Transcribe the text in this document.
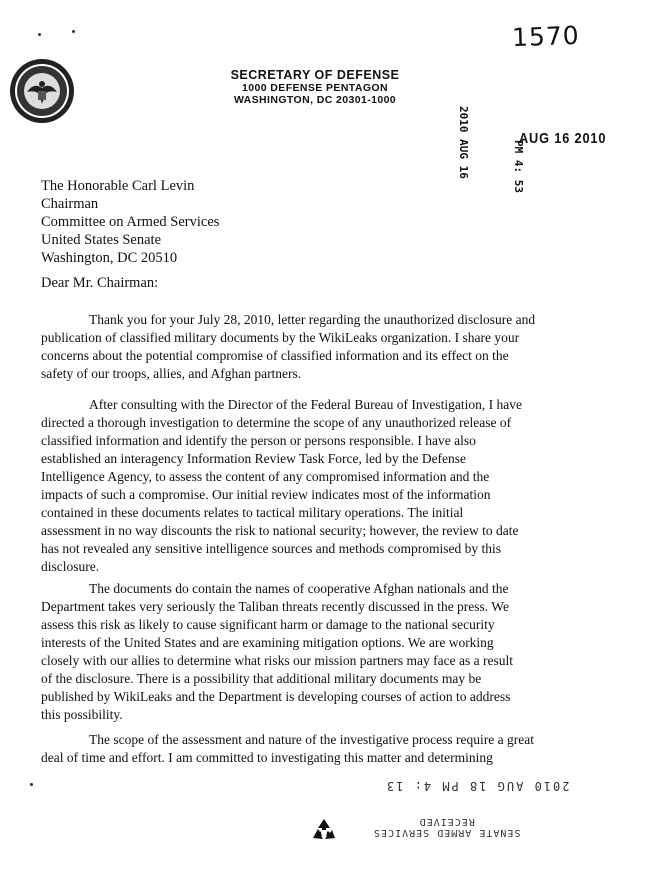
SECRETARY OF DEFENSE
1000 DEFENSE PENTAGON
WASHINGTON, DC 20301-1000
1570
2010 AUG 16	AUG 16 2010
PM 4: 53
The Honorable Carl Levin
Chairman
Committee on Armed Services
United States Senate
Washington, DC 20510
Dear Mr. Chairman:
Thank you for your July 28, 2010, letter regarding the unauthorized disclosure and
publication of classified military documents by the WikiLeaks organization. I share your
concerns about the potential compromise of classified information and its effect on the
safety of our troops, allies, and Afghan partners.
After consulting with the Director of the Federal Bureau of Investigation, I have
directed a thorough investigation to determine the scope of any unauthorized release of
classified information and identify the person or persons responsible. I have also
established an interagency Information Review Task Force, led by the Defense
Intelligence Agency, to assess the content of any compromised information and the
impacts of such a compromise. Our initial review indicates most of the information
contained in these documents relates to tactical military operations. The initial
assessment in no way discounts the risk to national security; however, the review to date
has not revealed any sensitive intelligence sources and methods compromised by this
disclosure.
The documents do contain the names of cooperative Afghan nationals and the
Department takes very seriously the Taliban threats recently discussed in the press. We
assess this risk as likely to cause significant harm or damage to the national security
interests of the United States and are examining mitigation options. We are working
closely with our allies to determine what risks our mission partners may face as a result
of the disclosure. There is a possibility that additional military documents may be
published by WikiLeaks and the Department is developing courses of action to address
this possibility.
The scope of the assessment and nature of the investigative process require a great
deal of time and effort. I am committed to investigating this matter and determining
2010 AUG 18 PM 4: 13
SENATE ARMED SERVICES
RECEIVED
